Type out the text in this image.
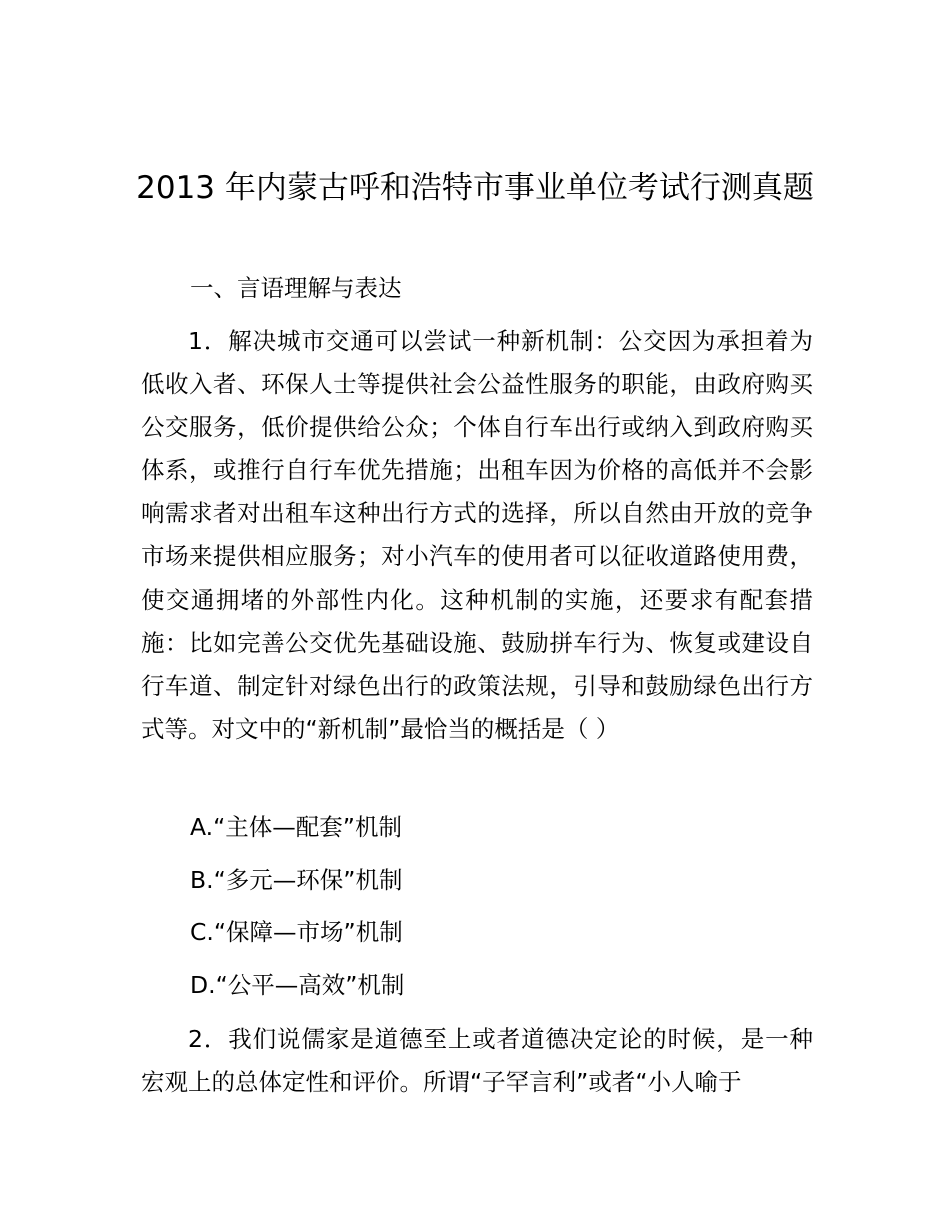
2013 年内蒙古呼和浩特市事业单位考试行测真题

一、言语理解与表达

1．解决城市交通可以尝试一种新机制：公交因为承担着为低收入者、环保人士等提供社会公益性服务的职能，由政府购买公交服务，低价提供给公众；个体自行车出行或纳入到政府购买体系，或推行自行车优先措施；出租车因为价格的高低并不会影响需求者对出租车这种出行方式的选择，所以自然由开放的竞争市场来提供相应服务；对小汽车的使用者可以征收道路使用费，使交通拥堵的外部性内化。这种机制的实施，还要求有配套措施：比如完善公交优先基础设施、鼓励拼车行为、恢复或建设自行车道、制定针对绿色出行的政策法规，引导和鼓励绿色出行方式等。对文中的“新机制”最恰当的概括是（ ）

A.“主体—配套”机制

B.“多元—环保”机制

C.“保障—市场”机制

D.“公平—高效”机制

2．我们说儒家是道德至上或者道德决定论的时候，是一种宏观上的总体定性和评价。所谓“子罕言利”或者“小人喻于
